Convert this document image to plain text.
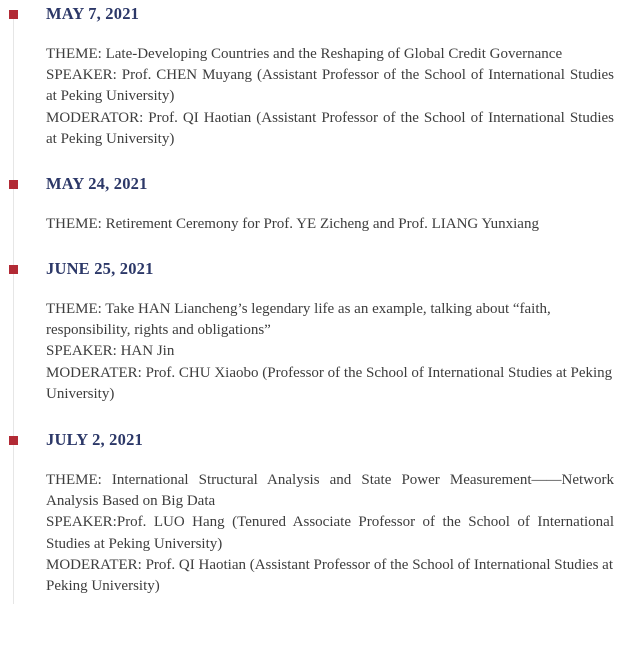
MAY 7, 2021

THEME: Late-Developing Countries and the Reshaping of Global Credit Governance

SPEAKER: Prof. CHEN Muyang (Assistant Professor of the School of International Studies at Peking University)

MODERATOR: Prof. QI Haotian (Assistant Professor of the School of International Studies at Peking University)

MAY 24, 2021

THEME: Retirement Ceremony for Prof. YE Zicheng and Prof. LIANG Yunxiang

JUNE 25, 2021

THEME: Take HAN Liancheng’s legendary life as an example, talking about “faith, responsibility, rights and obligations”

SPEAKER: HAN Jin

MODERATER: Prof. CHU Xiaobo (Professor of the School of International Studies at Peking University)

JULY 2, 2021

THEME: International Structural Analysis and State Power Measurement——Network Analysis Based on Big Data

SPEAKER:Prof. LUO Hang (Tenured Associate Professor of the School of International Studies at Peking University)

MODERATER: Prof. QI Haotian (Assistant Professor of the School of International Studies at Peking University)
